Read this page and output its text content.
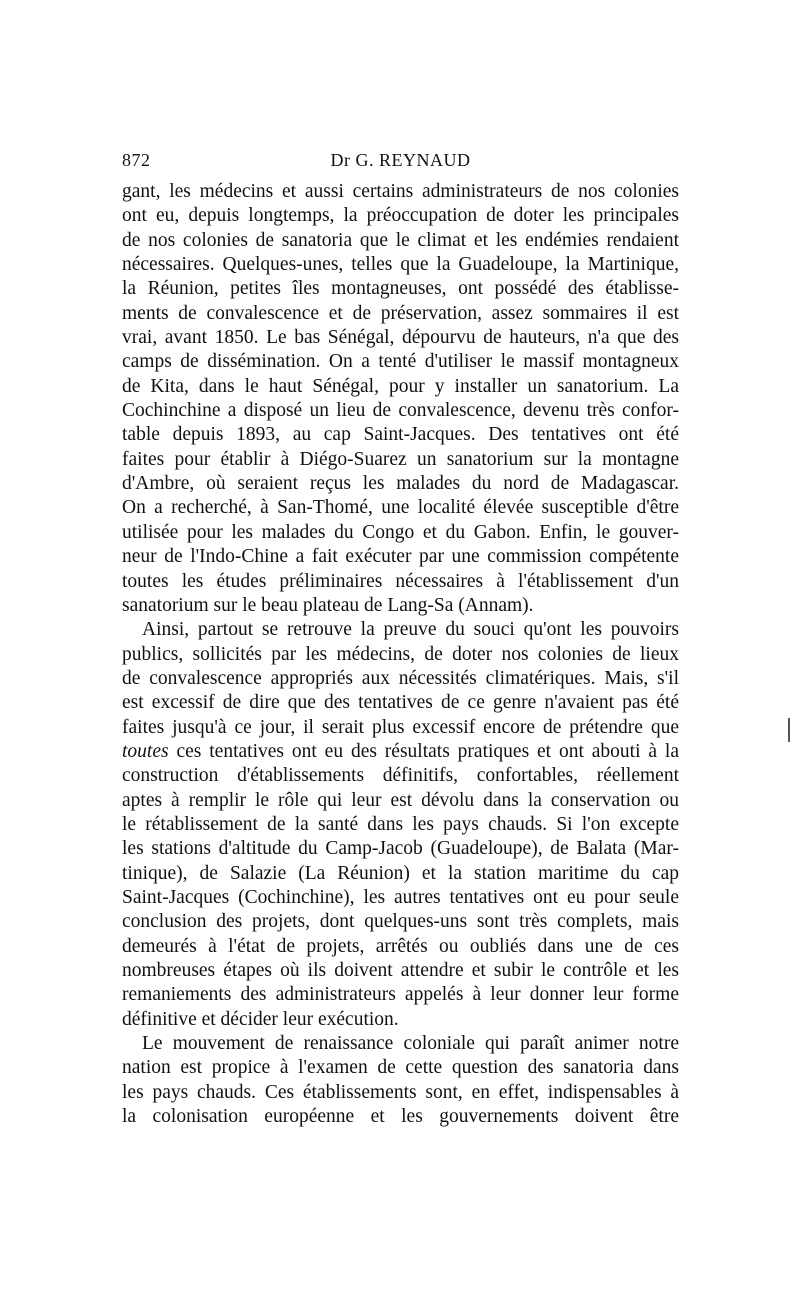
872	Dr G. REYNAUD
gant, les médecins et aussi certains administrateurs de nos colonies
ont eu, depuis longtemps, la préoccupation de doter les principales
de nos colonies de sanatoria que le climat et les endémies rendaient
nécessaires. Quelques-unes, telles que la Guadeloupe, la Martinique,
la Réunion, petites îles montagneuses, ont possédé des établisse-
ments de convalescence et de préservation, assez sommaires il est
vrai, avant 1850. Le bas Sénégal, dépourvu de hauteurs, n'a que des
camps de dissémination. On a tenté d'utiliser le massif montagneux
de Kita, dans le haut Sénégal, pour y installer un sanatorium. La
Cochinchine a disposé un lieu de convalescence, devenu très confor-
table depuis 1893, au cap Saint-Jacques. Des tentatives ont été
faites pour établir à Diégo-Suarez un sanatorium sur la montagne
d'Ambre, où seraient reçus les malades du nord de Madagascar.
On a recherché, à San-Thomé, une localité élevée susceptible d'être
utilisée pour les malades du Congo et du Gabon. Enfin, le gouver-
neur de l'Indo-Chine a fait exécuter par une commission compétente
toutes les études préliminaires nécessaires à l'établissement d'un
sanatorium sur le beau plateau de Lang-Sa (Annam).
Ainsi, partout se retrouve la preuve du souci qu'ont les pouvoirs
publics, sollicités par les médecins, de doter nos colonies de lieux
de convalescence appropriés aux nécessités climatériques. Mais, s'il
est excessif de dire que des tentatives de ce genre n'avaient pas été
faites jusqu'à ce jour, il serait plus excessif encore de prétendre que
toutes ces tentatives ont eu des résultats pratiques et ont abouti à la
construction d'établissements définitifs, confortables, réellement
aptes à remplir le rôle qui leur est dévolu dans la conservation ou
le rétablissement de la santé dans les pays chauds. Si l'on excepte
les stations d'altitude du Camp-Jacob (Guadeloupe), de Balata (Mar-
tinique), de Salazie (La Réunion) et la station maritime du cap
Saint-Jacques (Cochinchine), les autres tentatives ont eu pour seule
conclusion des projets, dont quelques-uns sont très complets, mais
demeurés à l'état de projets, arrêtés ou oubliés dans une de ces
nombreuses étapes où ils doivent attendre et subir le contrôle et les
remaniements des administrateurs appelés à leur donner leur forme
définitive et décider leur exécution.
Le mouvement de renaissance coloniale qui paraît animer notre
nation est propice à l'examen de cette question des sanatoria dans
les pays chauds. Ces établissements sont, en effet, indispensables à
la colonisation européenne et les gouvernements doivent être
